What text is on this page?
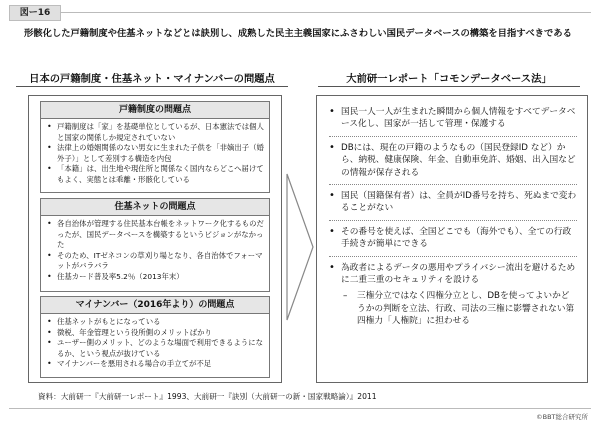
図ー16
形骸化した戸籍制度や住基ネットなどとは訣別し、成熟した民主主義国家にふさわしい国民データベースの構築を目指すべきである
日本の戸籍制度・住基ネット・マイナンバーの問題点	大前研一レポート「コモンデータベース法」
戸籍制度の問題点
• 戸籍制度は「家」を基礎単位としているが、日本憲法では個人と国家の関係しか規定されていない
• 法律上の婚姻関係のない男女に生まれた子供を「非嫡出子（婚外子）」として差別する構造を内包
• 「本籍」は、出生地や現住所と関係なく国内ならどこへ届けてもよく、実態とは乖離・形骸化している
住基ネットの問題点
• 各自治体が管理する住民基本台帳をネットワーク化するものだったが、国民データベースを構築するというビジョンがなかった
• そのため、ITゼネコンの草刈り場となり、各自治体でフォーマットがバラバラ
• 住基カード普及率5.2％（2013年末）
マイナンバー（2016年より）の問題点
• 住基ネットがもとになっている
• 徴税、年金管理という役所側のメリットばかり
• ユーザー側のメリット、どのような場面で利用できるようになるか、という視点が抜けている
• マイナンバーを悪用される場合の手立てが不足
• 国民一人一人が生まれた瞬間から個人情報をすべてデータベース化し、国家が一括して管理・保護する
• DBには、現在の戸籍のようなもの（国民登録ID など）から、納税、健康保険、年金、自動車免許、婚姻、出入国などの情報が保存される
• 国民（国籍保有者）は、全員がID番号を持ち、死ぬまで変わることがない
• その番号を使えば、全国どこでも（海外でも）、全ての行政手続きが簡単にできる
• 為政者によるデータの悪用やプライバシー流出を避けるために二重三重のセキュリティを設ける
– 三権分立ではなく四権分立とし、DBを使ってよいかどうかの判断を立法、行政、司法の三権に影響されない第四権力「人権院」に担わせる
資料：大前研一『大前研一レポート』1993、大前研一『訣別（大前研一の新・国家戦略論）』2011
©BBT総合研究所
